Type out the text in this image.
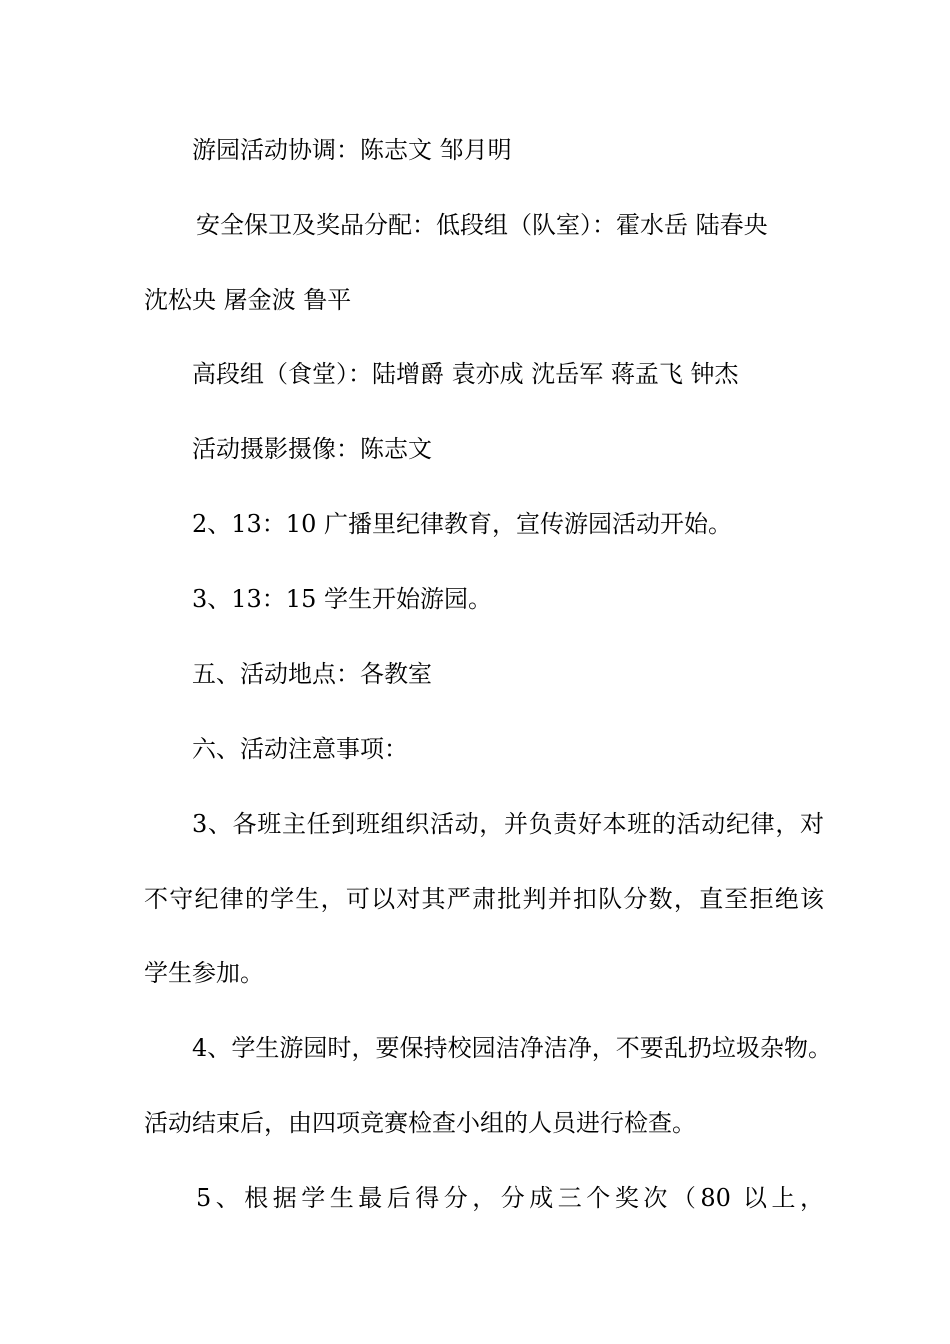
游园活动协调：陈志文 邹月明
安全保卫及奖品分配：低段组（队室）：霍水岳 陆春央
沈松央 屠金波 鲁平
高段组（食堂）：陆增爵 袁亦成 沈岳军 蒋孟飞 钟杰
活动摄影摄像：陈志文
2、13：10 广播里纪律教育，宣传游园活动开始。
3、13：15 学生开始游园。
五、活动地点：各教室
六、活动注意事项：
3、各班主任到班组织活动，并负责好本班的活动纪律，对
不守纪律的学生，可以对其严肃批判并扣队分数，直至拒绝该
学生参加。
4、学生游园时，要保持校园洁净洁净，不要乱扔垃圾杂物。
活动结束后，由四项竞赛检查小组的人员进行检查。
5、根据学生最后得分，分成三个奖次（80 以上，
